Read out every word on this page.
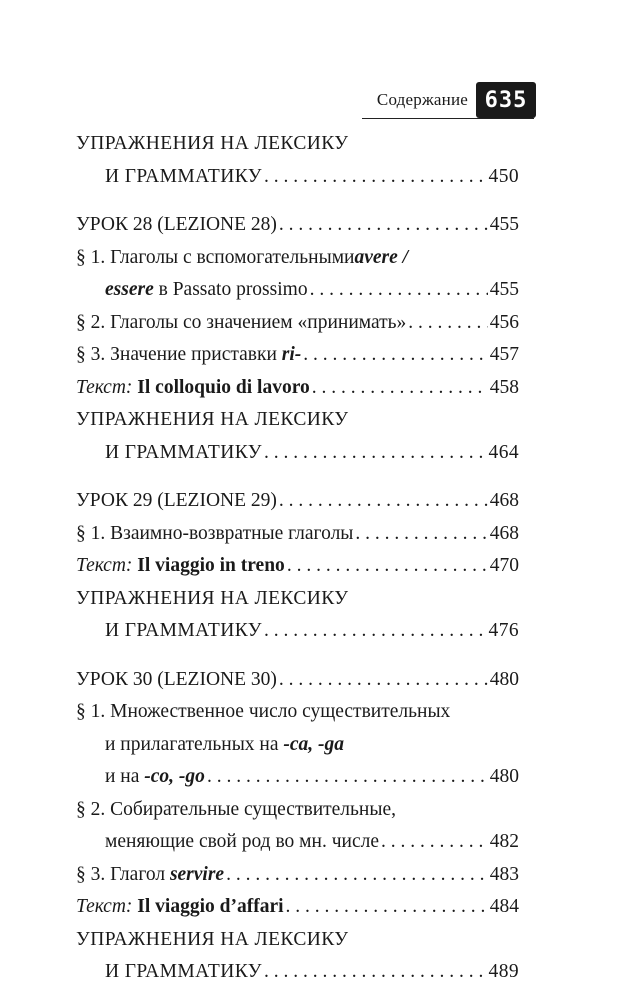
Содержание 635
УПРАЖНЕНИЯ НА ЛЕКСИКУ
И ГРАММАТИКУ . . .	450
УРОК 28 (LEZIONE 28) . . .	455
§ 1. Глаголы с вспомогательными avere /
essere в Passato prossimo . . .	455
§ 2. Глаголы со значением «принимать» . . .	456
§ 3. Значение приставки ri- . . .	457
Текст: Il colloquio di lavoro . . .	458
УПРАЖНЕНИЯ НА ЛЕКСИКУ
И ГРАММАТИКУ . . .	464
УРОК 29 (LEZIONE 29) . . .	468
§ 1. Взаимно-возвратные глаголы . . .	468
Текст: Il viaggio in treno . . .	470
УПРАЖНЕНИЯ НА ЛЕКСИКУ
И ГРАММАТИКУ . . .	476
УРОК 30 (LEZIONE 30) . . .	480
§ 1. Множественное число существительных
и прилагательных на -ca, -ga
и на -co, -go . . .	480
§ 2. Собирательные существительные,
меняющие свой род во мн. числе . . .	482
§ 3. Глагол servire . . .	483
Текст: Il viaggio d’affari . . .	484
УПРАЖНЕНИЯ НА ЛЕКСИКУ
И ГРАММАТИКУ . . .	489
